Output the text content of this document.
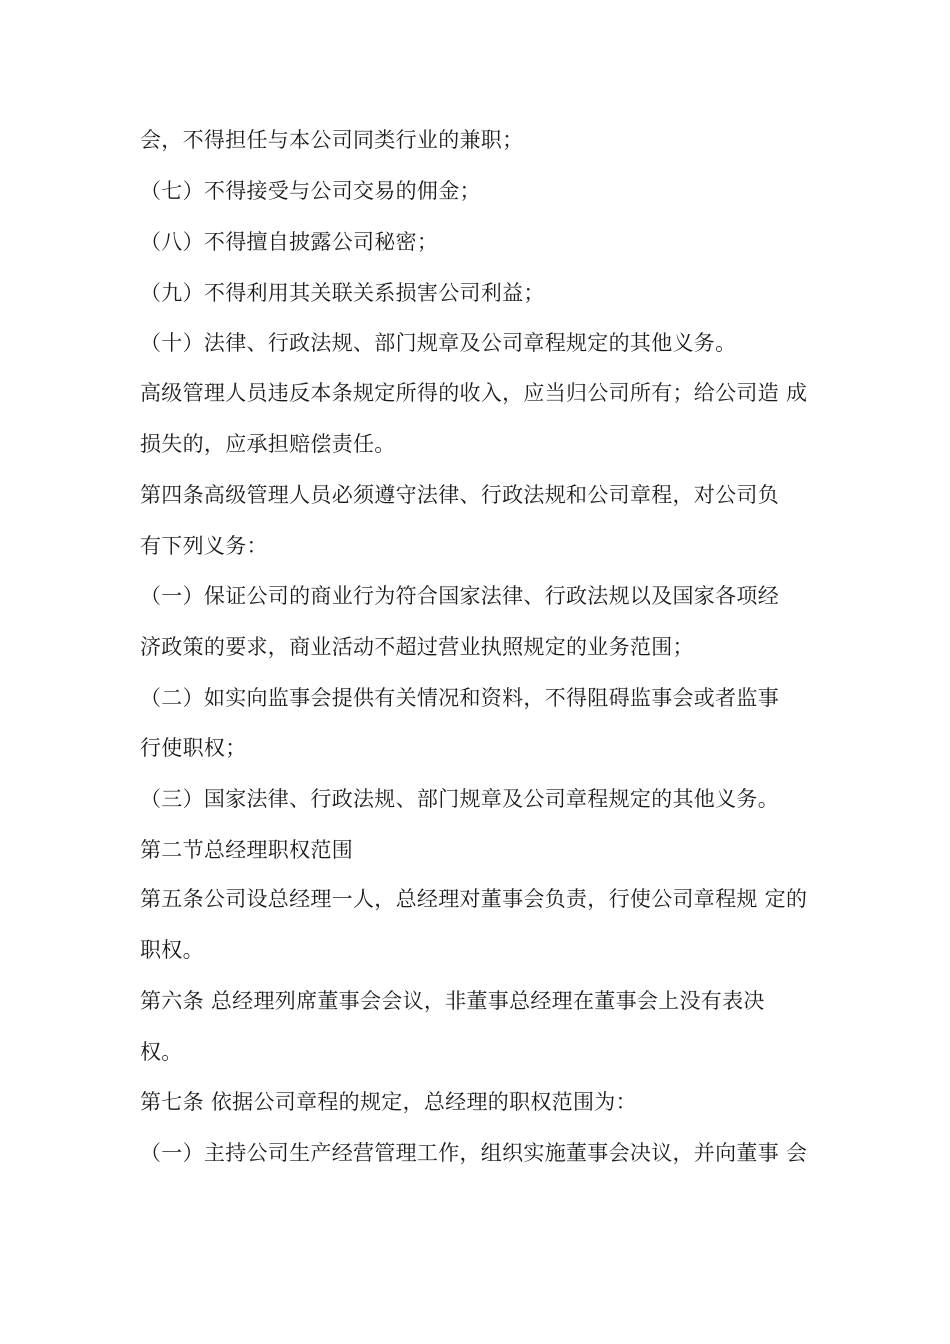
会，不得担任与本公司同类行业的兼职；

（七）不得接受与公司交易的佣金；

（八）不得擅自披露公司秘密；

（九）不得利用其关联关系损害公司利益；

（十）法律、行政法规、部门规章及公司章程规定的其他义务。

高级管理人员违反本条规定所得的收入，应当归公司所有；给公司造 成

损失的，应承担赔偿责任。

第四条高级管理人员必须遵守法律、行政法规和公司章程，对公司负

有下列义务：

（一）保证公司的商业行为符合国家法律、行政法规以及国家各项经

济政策的要求，商业活动不超过营业执照规定的业务范围；

（二）如实向监事会提供有关情况和资料，不得阻碍监事会或者监事

行使职权；

（三）国家法律、行政法规、部门规章及公司章程规定的其他义务。

第二节总经理职权范围

第五条公司设总经理一人，总经理对董事会负责，行使公司章程规 定的

职权。

第六条 总经理列席董事会会议，非董事总经理在董事会上没有表决

权。

第七条 依据公司章程的规定，总经理的职权范围为：

（一）主持公司生产经营管理工作，组织实施董事会决议，并向董事 会
